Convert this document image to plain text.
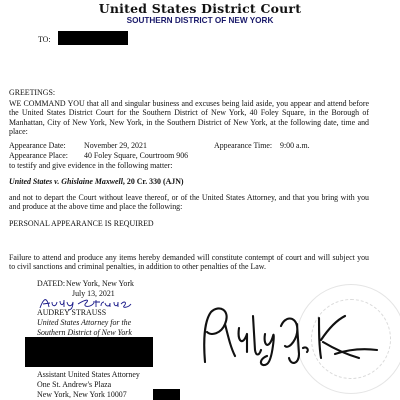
United States District Court
SOUTHERN DISTRICT OF NEW YORK
TO:
GREETINGS:
WE COMMAND YOU that all and singular business and excuses being laid aside, you appear and attend before the United States District Court for the Southern District of New York, 40 Foley Square, in the Borough of Manhattan, City of New York, New York, in the Southern District of New York, at the following date, time and place:
Appearance Date: November 29, 2021	Appearance Time: 9:00 a.m.
Appearance Place: 40 Foley Square, Courtroom 906
to testify and give evidence in the following matter:
United States v. Ghislaine Maxwell, 20 Cr. 330 (AJN)
and not to depart the Court without leave thereof, or of the United States Attorney, and that you bring with you and produce at the above time and place the following:
PERSONAL APPEARANCE IS REQUIRED
Failure to attend and produce any items hereby demanded will constitute contempt of court and will subject you to civil sanctions and criminal penalties, in addition to other penalties of the Law.
DATED: New York, New York
July 13, 2021
AUDREY STRAUSS
United States Attorney for the
Southern District of New York
Assistant United States Attorney
One St. Andrew's Plaza
New York, New York 10007
